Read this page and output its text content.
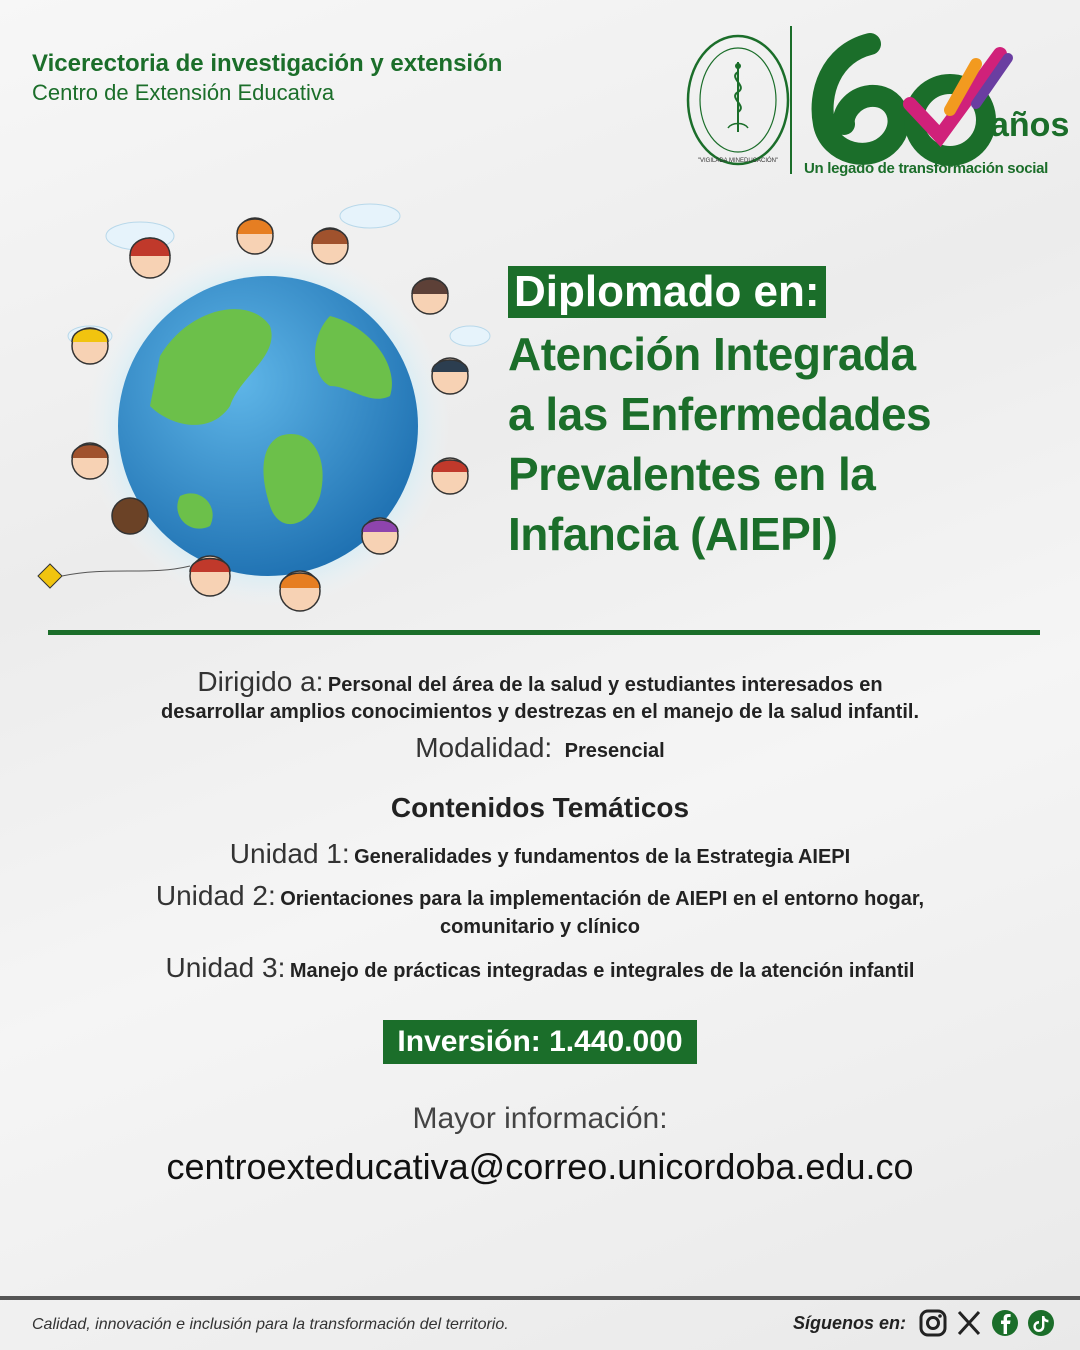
Vicerectoria de investigación y extensión
Centro de Extensión Educativa
"VIGILADA MINEDUCACIÓN"
años
Un legado de transformación social
Diplomado en:
Atención Integrada
a las Enfermedades
Prevalentes en la
Infancia (AIEPI)
Dirigido a: Personal del área de la salud y estudiantes interesados en
desarrollar amplios conocimientos y destrezas en el manejo de la salud infantil.
Modalidad: Presencial
Contenidos Temáticos
Unidad 1: Generalidades y fundamentos de la Estrategia AIEPI
Unidad 2: Orientaciones para la implementación de AIEPI en el entorno hogar,
comunitario y clínico
Unidad 3: Manejo de prácticas integradas e integrales de la atención infantil
Inversión: 1.440.000
Mayor información:
centroexteducativa@correo.unicordoba.edu.co
Calidad, innovación e inclusión para la transformación del territorio.	Síguenos en:
